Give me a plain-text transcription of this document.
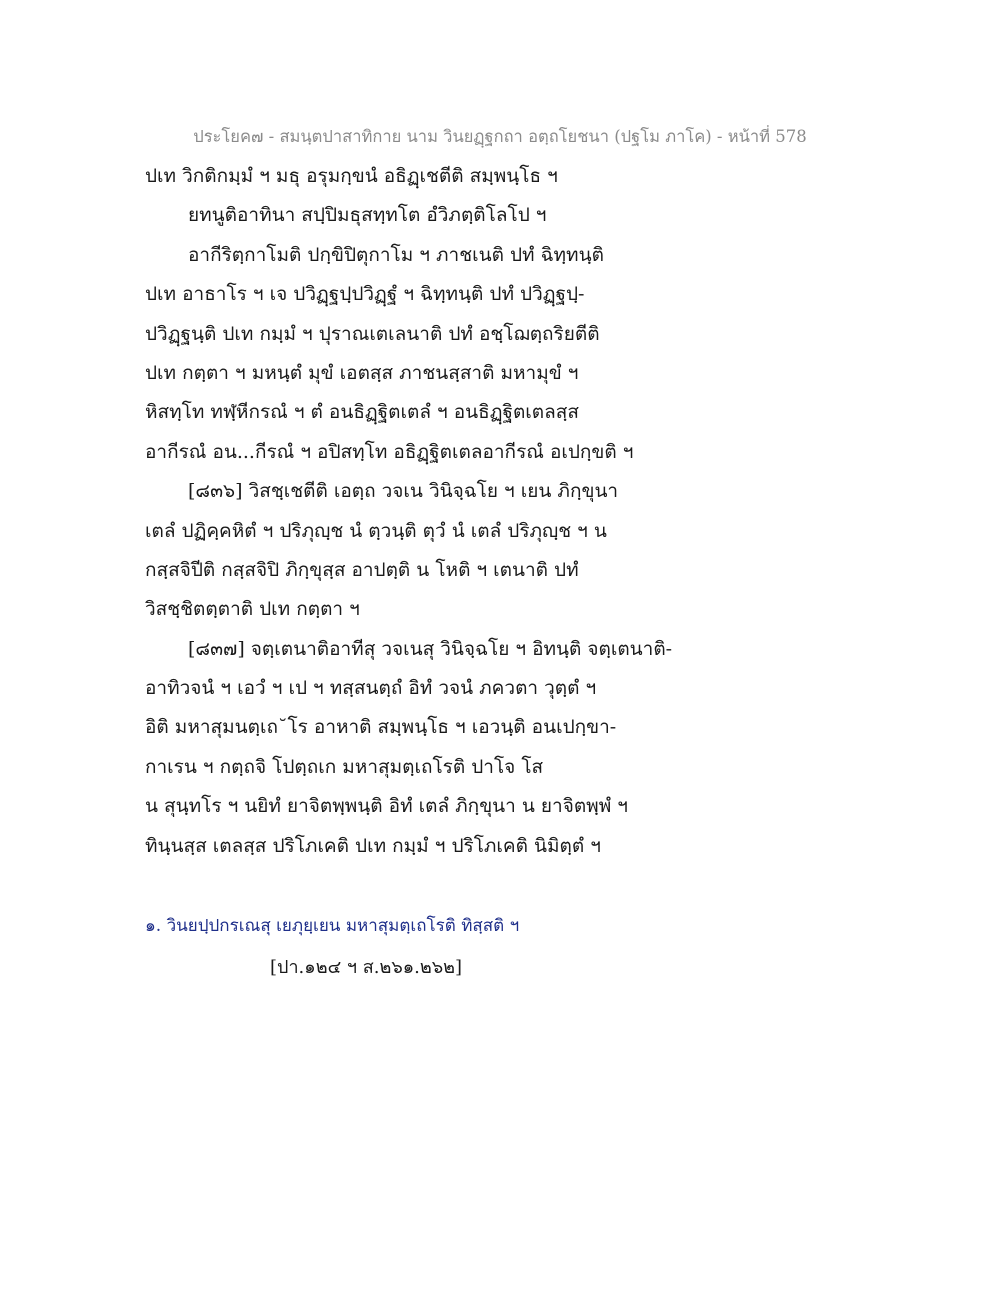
ประโยค๗ - สมนฺตปาสาทิกาย นาม วินยฏฺฐกถา อตฺถโยชนา (ปฐโม ภาโค) - หน้าที่ 578
ปเท วิกติกมฺมํ ฯ มธุ อรุมกฺขนํ อธิฏฺเชตีติ สมฺพนฺโธ ฯ
ยทนูติอาทินา สปฺปิมธุสทฺทโต อํวิภตฺติโลโป ฯ
อากีริตฺกาโมติ ปกฺขิปิตุกาโม ฯ ภาชเนติ ปทํ ฉิทฺทนฺติ
ปเท อาธาโร ฯ เจ ปวิฏฺฐปฺปวิฏฺฐํ ฯ ฉิทฺทนฺติ ปทํ ปวิฏฺฐปฺ-
ปวิฏฺฐนฺติ ปเท กมฺมํ ฯ ปุราณเตเลนาติ ปทํ อชฺโฌตฺถริยตีติ
ปเท กตฺตา ฯ มหนฺตํ มุขํ เอตสฺส ภาชนสฺสาติ มหามุขํ ฯ
หิสทฺโท ทฬฺหีกรณํ ฯ ตํ อนธิฏฺฐิตเตลํ ฯ อนธิฏฺฐิตเตลสฺส
อากีรณํ อน...กีรณํ ฯ อปิสทฺโท อธิฏฺฐิตเตลอากีรณํ อเปกฺขติ ฯ
[๘๓๖] วิสชฺเชตีติ เอตฺถ วจเน วินิจฺฉโย ฯ เยน ภิกฺขุนา
เตลํ ปฏิคฺคหิตํ ฯ ปริภุญฺช นํ ตฺวนฺติ ตุวํ นํ เตลํ ปริภุญฺช ฯ น
กสฺสจิปีติ กสฺสจิปิ ภิกฺขุสฺส อาปตฺติ น โหติ ฯ เตนาติ ปทํ
วิสชฺชิตตฺตาติ ปเท กตฺตา ฯ
[๘๓๗] จตฺเตนาติอาทีสุ วจเนสุ วินิจฺฉโย ฯ อิทนฺติ จตฺเตนาติ-
อาทิวจนํ ฯ เอวํ ฯ เป ฯ ทสฺสนตฺถํ อิทํ วจนํ ภควตา วุตฺตํ ฯ
อิติ มหาสุมนตฺเถ˘โร อาหาติ สมฺพนฺโธ ฯ เอวนฺติ อนเปกฺขา-
กาเรน ฯ กตฺถจิ โปตฺถเก มหาสุมตฺเถโรติ ปาโจ โส
น สุนฺทโร ฯ นยิทํ ยาจิตพฺพนฺติ อิทํ เตลํ ภิกฺขุนา น ยาจิตพฺพํ ฯ
ทินฺนสฺส เตลสฺส ปริโภเคติ ปเท กมฺมํ ฯ ปริโภเคติ นิมิตฺตํ ฯ
๑. วินยปฺปกรเณสุ เยภุยฺเยน มหาสุมตฺเถโรติ ทิสฺสติ ฯ
[ปา.๑๒๔ ฯ ส.๒๖๑.๒๖๒]
